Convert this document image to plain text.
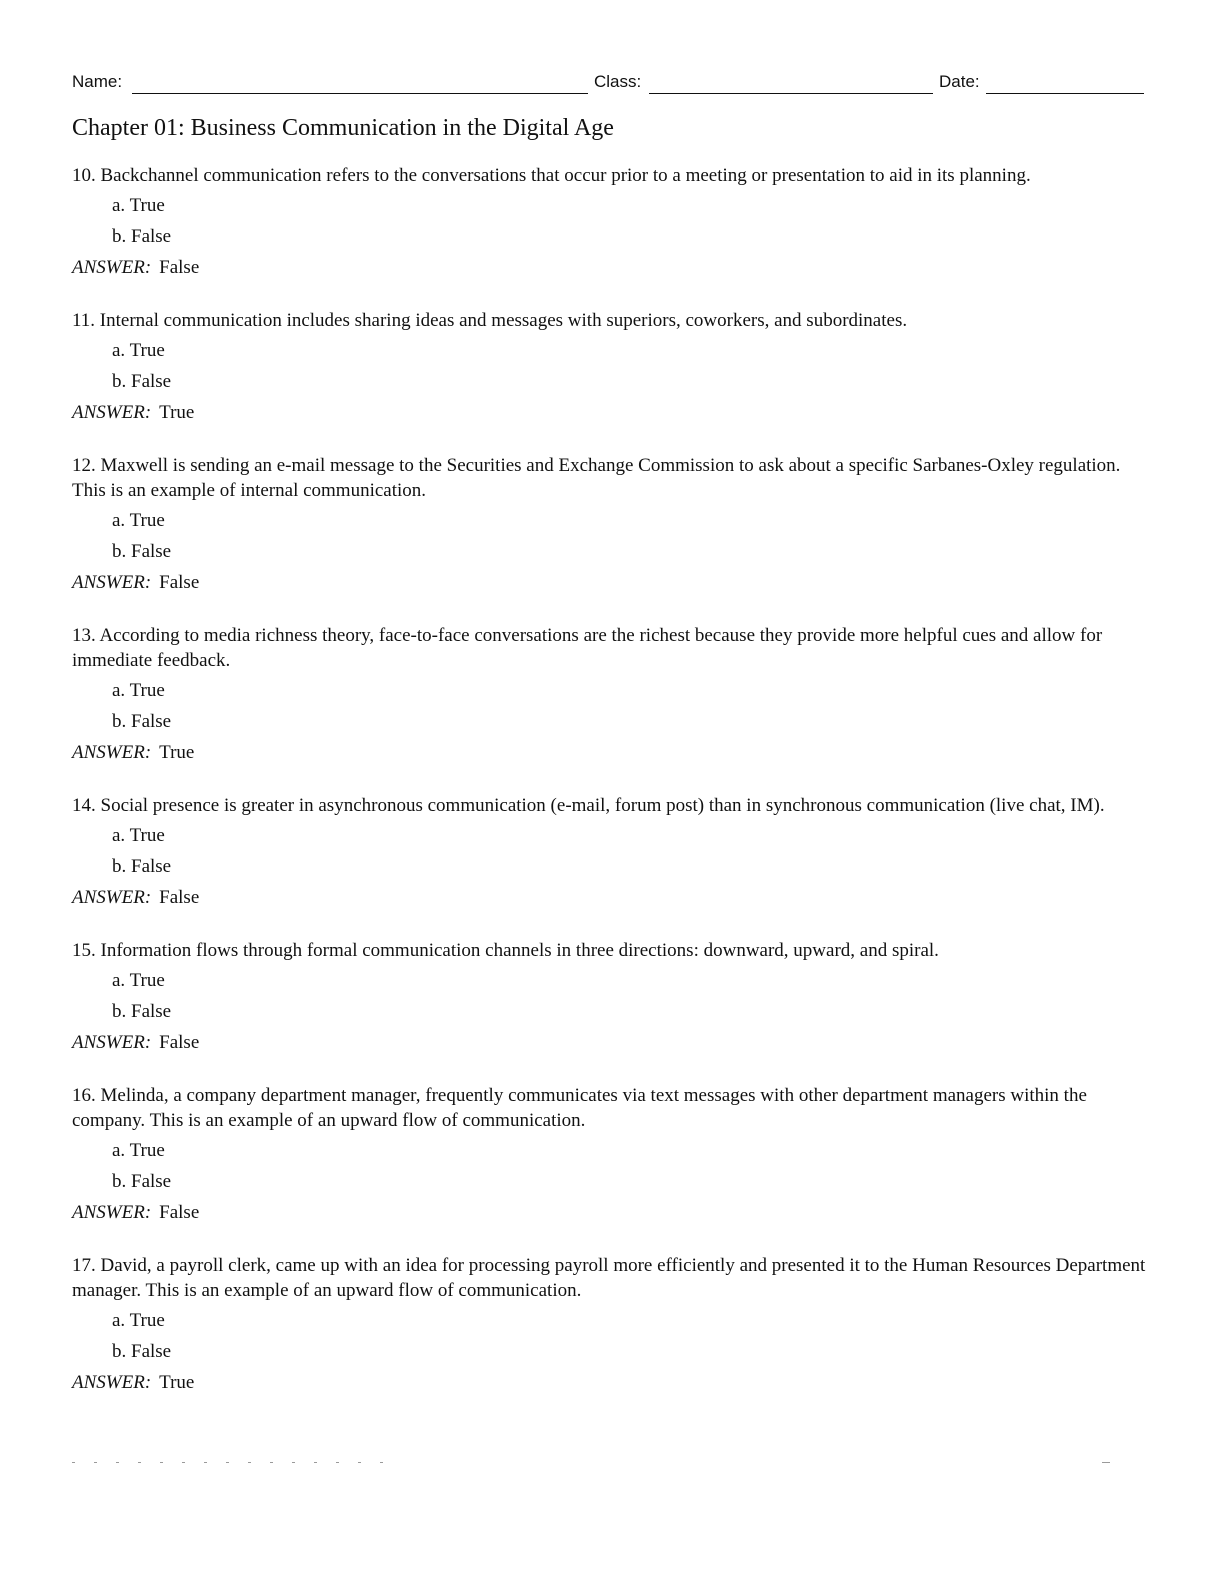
Name:	Class:	Date:
Chapter 01: Business Communication in the Digital Age
10. Backchannel communication refers to the conversations that occur prior to a meeting or presentation to aid in its planning.
a. True
b. False
ANSWER: False
11. Internal communication includes sharing ideas and messages with superiors, coworkers, and subordinates.
a. True
b. False
ANSWER: True
12. Maxwell is sending an e-mail message to the Securities and Exchange Commission to ask about a specific Sarbanes-Oxley regulation. This is an example of internal communication.
a. True
b. False
ANSWER: False
13. According to media richness theory, face-to-face conversations are the richest because they provide more helpful cues and allow for immediate feedback.
a. True
b. False
ANSWER: True
14. Social presence is greater in asynchronous communication (e-mail, forum post) than in synchronous communication (live chat, IM).
a. True
b. False
ANSWER: False
15. Information flows through formal communication channels in three directions: downward, upward, and spiral.
a. True
b. False
ANSWER: False
16. Melinda, a company department manager, frequently communicates via text messages with other department managers within the company. This is an example of an upward flow of communication.
a. True
b. False
ANSWER: False
17. David, a payroll clerk, came up with an idea for processing payroll more efficiently and presented it to the Human Resources Department manager. This is an example of an upward flow of communication.
a. True
b. False
ANSWER: True
